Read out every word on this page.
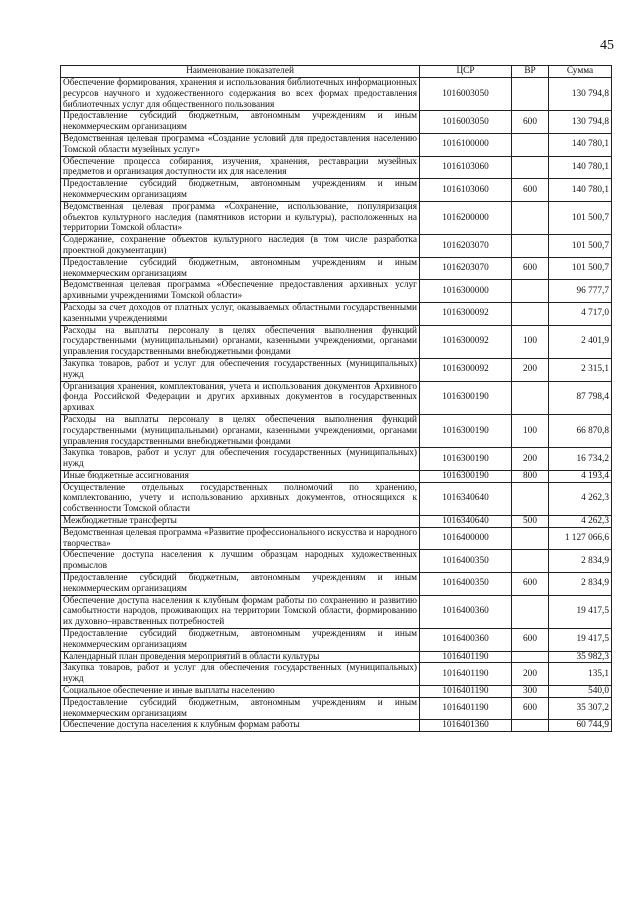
45
Наименование показателей	ЦСР	ВР	Сумма
Обеспечение формирования, хранения и использования библиотечных информационных ресурсов научного и художественного содержания во всех формах предоставления библиотечных услуг для общественного пользования	1016003050		130 794,8
Предоставление субсидий бюджетным, автономным учреждениям и иным некоммерческим организациям	1016003050	600	130 794,8
Ведомственная целевая программа «Создание условий для предоставления населению Томской области музейных услуг»	1016100000		140 780,1
Обеспечение процесса собирания, изучения, хранения, реставрации музейных предметов и организация доступности их для населения	1016103060		140 780,1
Предоставление субсидий бюджетным, автономным учреждениям и иным некоммерческим организациям	1016103060	600	140 780,1
Ведомственная целевая программа «Сохранение, использование, популяризация объектов культурного наследия (памятников истории и культуры), расположенных на территории Томской области»	1016200000		101 500,7
Содержание, сохранение объектов культурного наследия (в том числе разработка проектной документации)	1016203070		101 500,7
Предоставление субсидий бюджетным, автономным учреждениям и иным некоммерческим организациям	1016203070	600	101 500,7
Ведомственная целевая программа «Обеспечение предоставления архивных услуг архивными учреждениями Томской области»	1016300000		96 777,7
Расходы за счет доходов от платных услуг, оказываемых областными государственными казенными учреждениями	1016300092		4 717,0
Расходы на выплаты персоналу в целях обеспечения выполнения функций государственными (муниципальными) органами, казенными учреждениями, органами управления государственными внебюджетными фондами	1016300092	100	2 401,9
Закупка товаров, работ и услуг для обеспечения государственных (муниципальных) нужд	1016300092	200	2 315,1
Организация хранения, комплектования, учета и использования документов Архивного фонда Российской Федерации и других архивных документов в государственных архивах	1016300190		87 798,4
Расходы на выплаты персоналу в целях обеспечения выполнения функций государственными (муниципальными) органами, казенными учреждениями, органами управления государственными внебюджетными фондами	1016300190	100	66 870,8
Закупка товаров, работ и услуг для обеспечения государственных (муниципальных) нужд	1016300190	200	16 734,2
Иные бюджетные ассигнования	1016300190	800	4 193,4
Осуществление отдельных государственных полномочий по хранению, комплектованию, учету и использованию архивных документов, относящихся к собственности Томской области	1016340640		4 262,3
Межбюджетные трансферты	1016340640	500	4 262,3
Ведомственная целевая программа «Развитие профессионального искусства и народного творчества»	1016400000		1 127 066,6
Обеспечение доступа населения к лучшим образцам народных художественных промыслов	1016400350		2 834,9
Предоставление субсидий бюджетным, автономным учреждениям и иным некоммерческим организациям	1016400350	600	2 834,9
Обеспечение доступа населения к клубным формам работы по сохранению и развитию самобытности народов, проживающих на территории Томской области, формированию их духовно–нравственных потребностей	1016400360		19 417,5
Предоставление субсидий бюджетным, автономным учреждениям и иным некоммерческим организациям	1016400360	600	19 417,5
Календарный план проведения мероприятий в области культуры	1016401190		35 982,3
Закупка товаров, работ и услуг для обеспечения государственных (муниципальных) нужд	1016401190	200	135,1
Социальное обеспечение и иные выплаты населению	1016401190	300	540,0
Предоставление субсидий бюджетным, автономным учреждениям и иным некоммерческим организациям	1016401190	600	35 307,2
Обеспечение доступа населения к клубным формам работы	1016401360		60 744,9
